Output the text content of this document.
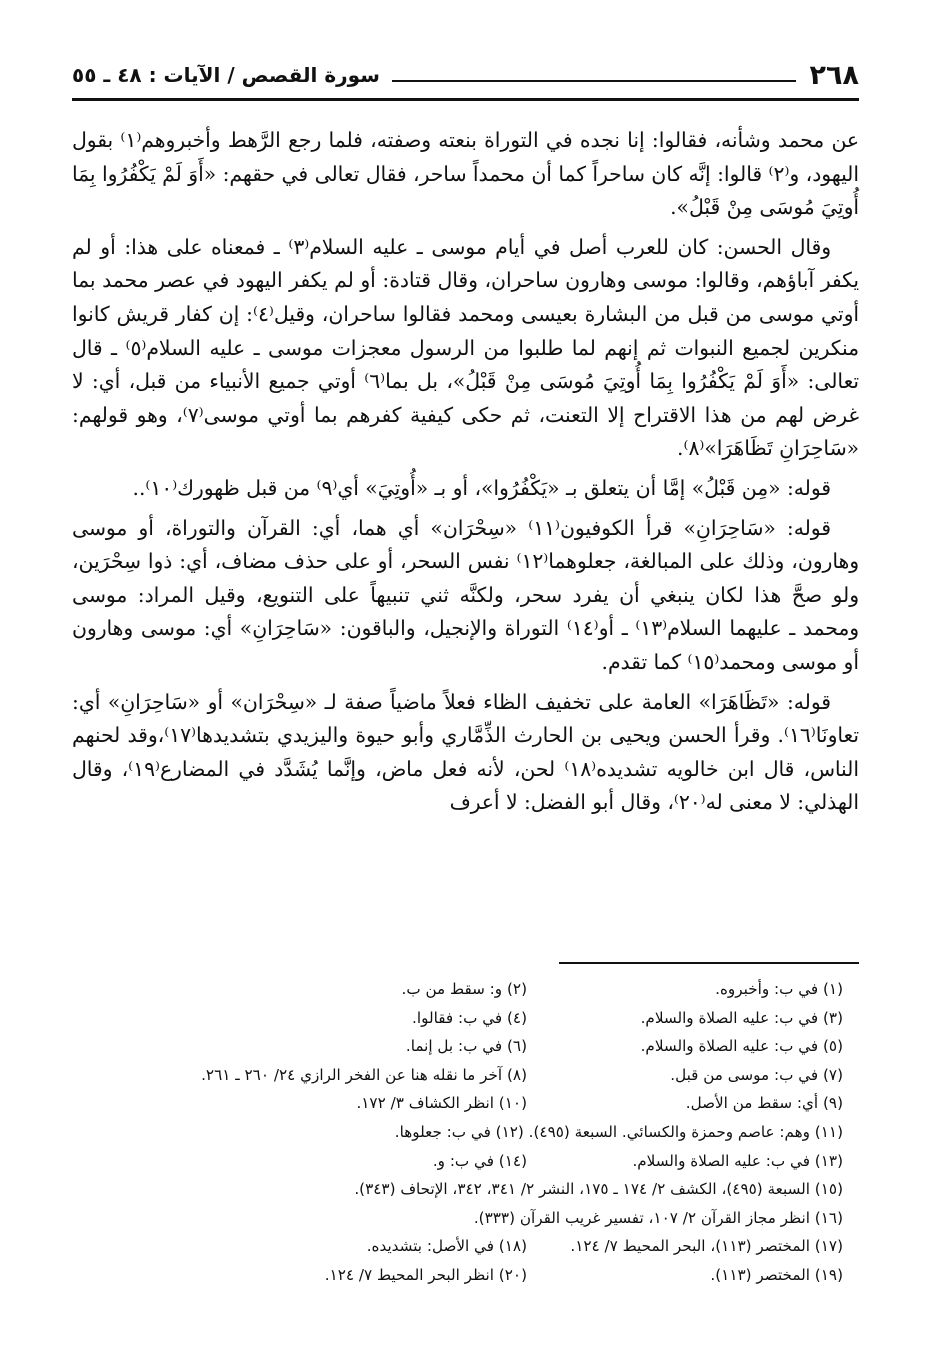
٢٦٨
سورة القصص / الآيات : ٤٨ ـ ٥٥

عن محمد وشأنه، فقالوا: إنا نجده في التوراة بنعته وصفته، فلما رجع الرَّهط وأخبروهم⁽١⁾ بقول اليهود، و⁽٢⁾ قالوا: إنَّه كان ساحراً كما أن محمداً ساحر، فقال تعالى في حقهم: «أَوَ لَمْ يَكْفُرُوا بِمَا أُوتِيَ مُوسَى مِنْ قَبْلُ».

وقال الحسن: كان للعرب أصل في أيام موسى ـ عليه السلام⁽٣⁾ ـ فمعناه على هذا: أو لم يكفر آباؤهم، وقالوا: موسى وهارون ساحران، وقال قتادة: أو لم يكفر اليهود في عصر محمد بما أوتي موسى من قبل من البشارة بعيسى ومحمد فقالوا ساحران، وقيل⁽٤⁾: إن كفار قريش كانوا منكرين لجميع النبوات ثم إنهم لما طلبوا من الرسول معجزات موسى ـ عليه السلام⁽٥⁾ ـ قال تعالى: «أَوَ لَمْ يَكْفُرُوا بِمَا أُوتِيَ مُوسَى مِنْ قَبْلُ»، بل بما⁽٦⁾ أوتي جميع الأنبياء من قبل، أي: لا غرض لهم من هذا الاقتراح إلا التعنت، ثم حكى كيفية كفرهم بما أوتي موسى⁽٧⁾، وهو قولهم: «سَاحِرَانِ تَظَاهَرَا»⁽٨⁾.

قوله: «مِن قَبْلُ» إمَّا أن يتعلق بـ «يَكْفُرُوا»، أو بـ «أُوتِيَ» أي⁽٩⁾ من قبل ظهورك⁽١٠⁾..

قوله: «سَاحِرَانِ» قرأ الكوفيون⁽١١⁾ «سِحْرَان» أي هما، أي: القرآن والتوراة، أو موسى وهارون، وذلك على المبالغة، جعلوهما⁽١٢⁾ نفس السحر، أو على حذف مضاف، أي: ذوا سِحْرَين، ولو صحَّ هذا لكان ينبغي أن يفرد سحر، ولكنَّه ثني تنبيهاً على التنويع، وقيل المراد: موسى ومحمد ـ عليهما السلام⁽١٣⁾ ـ أو⁽١٤⁾ التوراة والإنجيل، والباقون: «سَاحِرَانِ» أي: موسى وهارون أو موسى ومحمد⁽١٥⁾ كما تقدم.

قوله: «تَظَاهَرَا» العامة على تخفيف الظاء فعلاً ماضياً صفة لـ «سِحْرَان» أو «سَاحِرَانِ» أي: تعاونَا⁽١٦⁾. وقرأ الحسن ويحيى بن الحارث الذِّمَّاري وأبو حيوة واليزيدي بتشديدها⁽١٧⁾،وقد لحنهم الناس، قال ابن خالويه تشديده⁽١٨⁾ لحن، لأنه فعل ماض، وإنَّما يُشَدَّد في المضارع⁽١٩⁾، وقال الهذلي: لا معنى له⁽٢٠⁾، وقال أبو الفضل: لا أعرف

(١) في ب: وأخبروه.
(٢) و: سقط من ب.
(٣) في ب: عليه الصلاة والسلام.
(٤) في ب: فقالوا.
(٥) في ب: عليه الصلاة والسلام.
(٦) في ب: بل إنما.
(٧) في ب: موسى من قبل.
(٨) آخر ما نقله هنا عن الفخر الرازي ٢٤/ ٢٦٠ ـ ٢٦١.
(٩) أي: سقط من الأصل.
(١٠) انظر الكشاف ٣/ ١٧٢.
(١١) وهم: عاصم وحمزة والكسائي. السبعة (٤٩٥). (١٢) في ب: جعلوها.
(١٣) في ب: عليه الصلاة والسلام.
(١٤) في ب: و.
(١٥) السبعة (٤٩٥)، الكشف ٢/ ١٧٤ ـ ١٧٥، النشر ٢/ ٣٤١، ٣٤٢، الإتحاف (٣٤٣).
(١٦) انظر مجاز القرآن ٢/ ١٠٧، تفسير غريب القرآن (٣٣٣).
(١٧) المختصر (١١٣)، البحر المحيط ٧/ ١٢٤.
(١٨) في الأصل: بتشديده.
(١٩) المختصر (١١٣).
(٢٠) انظر البحر المحيط ٧/ ١٢٤.
